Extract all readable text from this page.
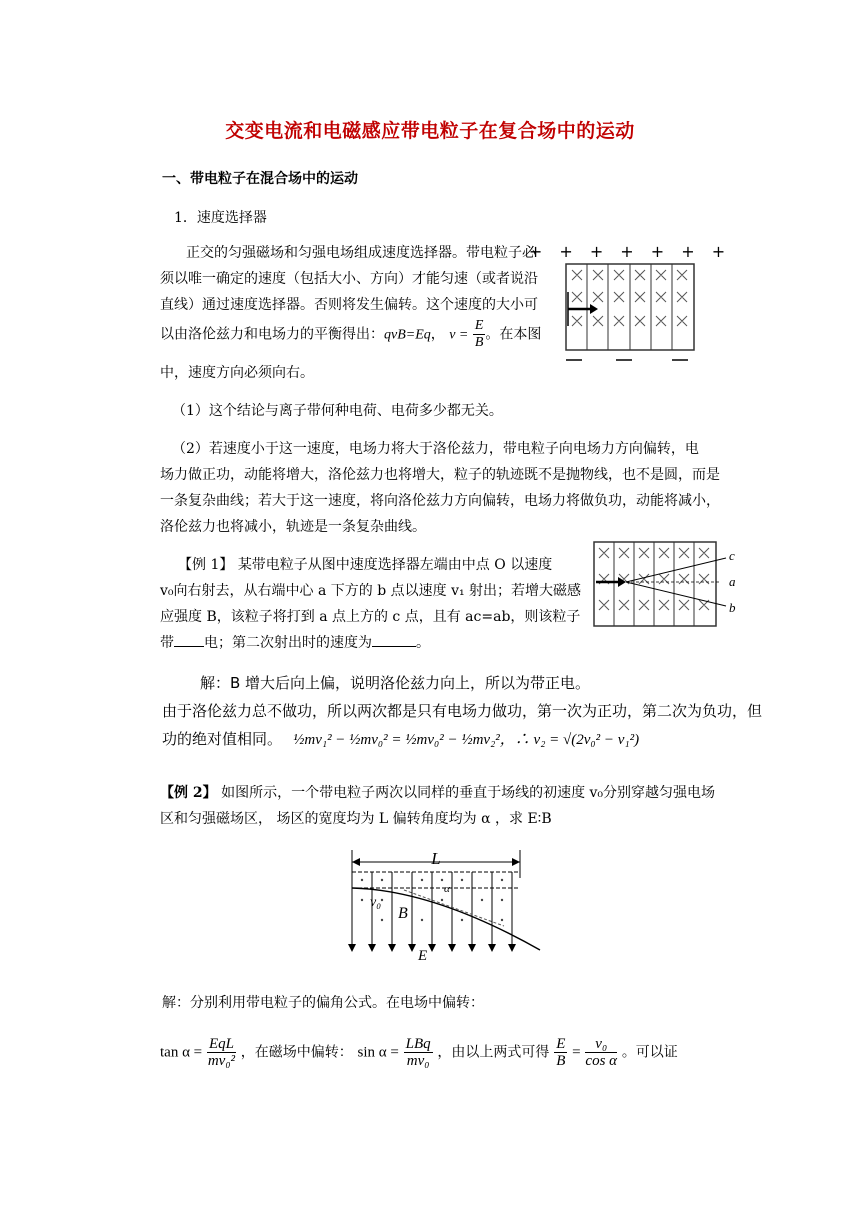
交变电流和电磁感应带电粒子在复合场中的运动
一、带电粒子在混合场中的运动
1．速度选择器
正交的匀强磁场和匀强电场组成速度选择器。带电粒子必
须以唯一确定的速度（包括大小、方向）才能匀速（或者说沿
直线）通过速度选择器。否则将发生偏转。这个速度的大小可
以由洛伦兹力和电场力的平衡得出：qvB=Eq， $v = \frac{E}{B}$ 。在本图
中，速度方向必须向右。
+ + + + + + +
（1）这个结论与离子带何种电荷、电荷多少都无关。
（2）若速度小于这一速度，电场力将大于洛伦兹力，带电粒子向电场力方向偏转，电
场力做正功，动能将增大，洛伦兹力也将增大，粒子的轨迹既不是抛物线，也不是圆，而是
一条复杂曲线；若大于这一速度，将向洛伦兹力方向偏转，电场力将做负功，动能将减小，
洛伦兹力也将减小，轨迹是一条复杂曲线。
【例 1】 某带电粒子从图中速度选择器左端由中点 O 以速度
v₀向右射去，从右端中心 a 下方的 b 点以速度 v₁ 射出；若增大磁感
应强度 B，该粒子将打到 a 点上方的 c 点，且有 ac=ab，则该粒子
带 电；第二次射出时的速度为	。
c
a
b
解：B 增大后向上偏，说明洛伦兹力向上，所以为带正电。
由于洛伦兹力总不做功，所以两次都是只有电场力做功，第一次为正功，第二次为负功，但
功的绝对值相同。 ½mv₁² − ½mv₀² = ½mv₀² − ½mv₂²，∴ v₂ = √(2v₀² − v₁²)
【例 2】 如图所示，一个带电粒子两次以同样的垂直于场线的初速度 v₀分别穿越匀强电场
区和匀强磁场区， 场区的宽度均为 L 偏转角度均为 α ，求 E∶B
L
v₀
B
E
α
解：分别利用带电粒子的偏角公式。在电场中偏转：
$\tan \alpha = \frac{\text{EqL}}{\text{mv₀²}}$ ，在磁场中偏转： $\sin \alpha = \frac{\text{LBq}}{\text{mv₀}}$ ，由以上两式可得 $\frac{E}{B} = \frac{\text{v₀}}{\text{cos α}}$ 。可以证
